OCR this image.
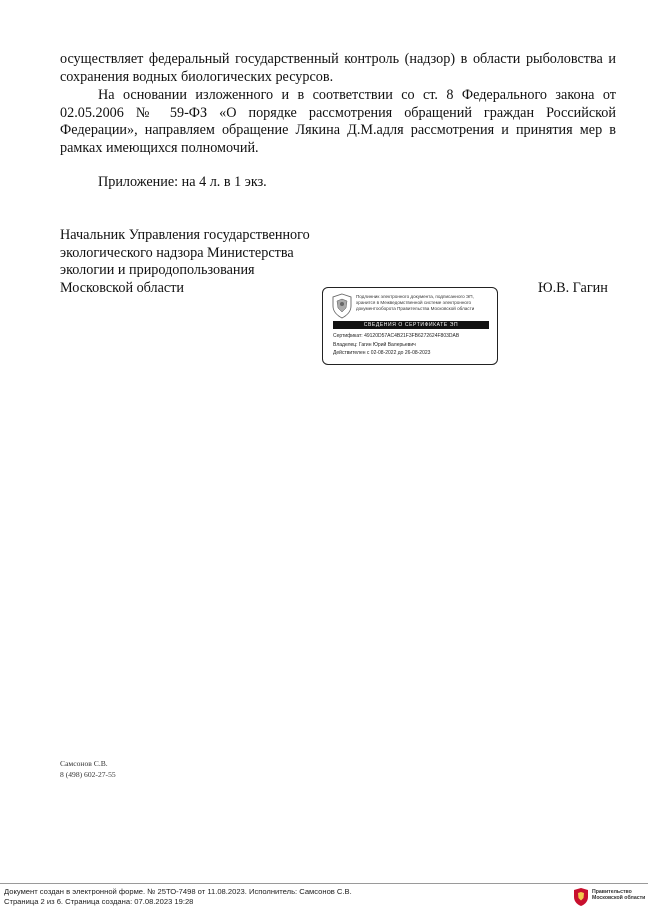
осуществляет федеральный государственный контроль (надзор) в области рыболовства и сохранения водных биологических ресурсов.

На основании изложенного и в соответствии со ст. 8 Федерального закона от 02.05.2006 № 59-ФЗ «О порядке рассмотрения обращений граждан Российской Федерации», направляем обращение Лякина Д.М.адля рассмотрения и принятия мер в рамках имеющихся полномочий.

Приложение: на 4 л. в 1 экз.
Начальник Управления государственного
экологического надзора Министерства
экологии и природопользования
Московской области	Ю.В. Гагин
Подлинник электронного документа, подписанного ЭП,
хранится в Межведомственной системе электронного
документооборота Правительства Московской области
СВЕДЕНИЯ О СЕРТИФИКАТЕ ЭП
Сертификат: 49120D57AC4B21F3FB6272624F803DAB
Владелец: Гагин Юрий Валерьевич
Действителен с 02-08-2022 до 26-08-2023
Самсонов С.В.
8 (498) 602-27-55
Документ создан в электронной форме. № 25ТО-7498 от 11.08.2023. Исполнитель: Самсонов С.В.
Страница 2 из 6. Страница создана: 07.08.2023 19:28
Правительство
Московской области
